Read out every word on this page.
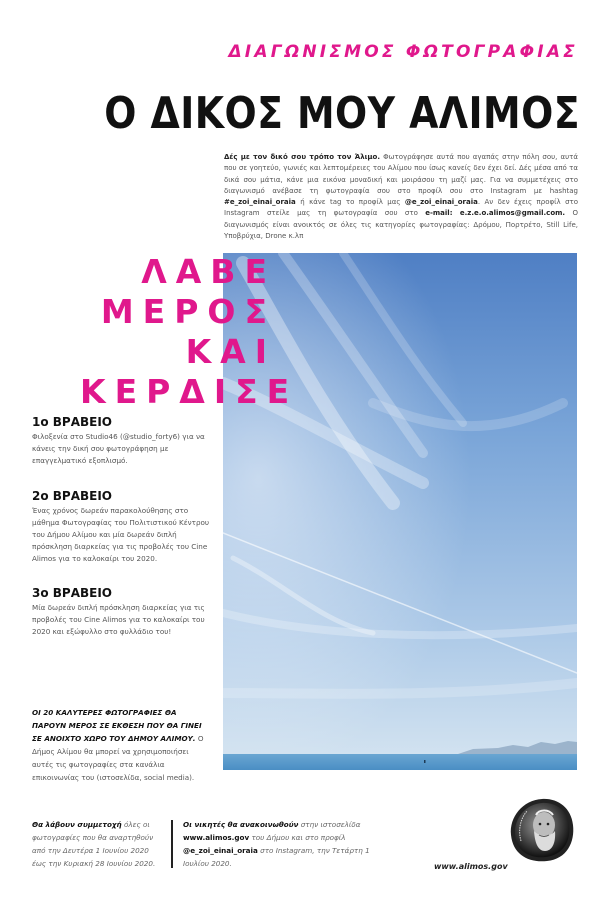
ΔΙΑΓΩΝΙΣΜΟΣ ΦΩΤΟΓΡΑΦΙΑΣ
Ο ΔΙΚΟΣ ΜΟΥ ΑΛΙΜΟΣ
Δές με τον δικό σου τρόπο τον Άλιμο. Φωτογράφησε αυτά που αγαπάς στην πόλη σου, αυτά που σε γοητεύο, γωνιές και λεπτομέρειες του Αλίμου που ίσως κανείς δεν έχει δεί. Δές μέσα από τα δικά σου μάτια, κάνε μια εικόνα μοναδική και μοιράσου τη μαζί μας. Για να συμμετέχεις στο διαγωνισμό ανέβασε τη φωτογραφία σου στο προφίλ σου στο Instagram με hashtag #e_zoi_einai_oraia ή κάνε tag το προφίλ μας @e_zoi_einai_oraia. Αν δεν έχεις προφίλ στο Instagram στείλε μας τη φωτογραφία σου στο e-mail: e.z.e.o.alimos@gmail.com. Ο διαγωνισμός είναι ανοικτός σε όλες τις κατηγορίες φωτογραφίας: Δρόμου, Πορτρέτο, Still Life, Υποβρύχια, Drone κ.λπ
ΛΑΒΕ
ΜΕΡΟΣ
ΚΑΙ
ΚΕΡΔΙΣΕ
1ο ΒΡΑΒΕΙΟ

Φιλοξενία στο Studio46 (@studio_forty6) για να κάνεις την δική σου φωτογράφηση με επαγγελματικό εξοπλισμό.

2ο ΒΡΑΒΕΙΟ

Ένας χρόνος δωρεάν παρακολούθησης στο μάθημα Φωτογραφίας του Πολιτιστικού Κέντρου του Δήμου Αλίμου και μία δωρεάν διπλή πρόσκληση διαρκείας για τις προβολές του Cine Alimos για το καλοκαίρι του 2020.

3ο ΒΡΑΒΕΙΟ

Μία δωρεάν διπλή πρόσκληση διαρκείας για τις προβολές του Cine Alimos για το καλοκαίρι του 2020 και εξώφυλλο στο φυλλάδιο του!

ΟΙ 20 ΚΑΛΥΤΕΡΕΣ ΦΩΤΟΓΡΑΦΙΕΣ ΘΑ ΠΑΡΟΥΝ ΜΕΡΟΣ ΣΕ ΕΚΘΕΣΗ ΠΟΥ ΘΑ ΓΙΝΕΙ ΣΕ ΑΝΟΙΧΤΟ ΧΩΡΟ ΤΟΥ ΔΗΜΟΥ ΑΛΙΜΟΥ. Ο Δήμος Αλίμου θα μπορεί να χρησιμοποιήσει αυτές τις φωτογραφίες στα κανάλια επικοινωνίας του (ιστοσελίδα, social media).
Θα λάβουν συμμετοχή όλες οι φωτογραφίες που θα αναρτηθούν από την Δευτέρα 1 Ιουνίου 2020 έως την Κυριακή 28 Ιουνίου 2020.
Οι νικητές θα ανακοινωθούν στην ιστοσελίδα www.alimos.gov του Δήμου και στο προφίλ @e_zoi_einai_oraia στο Instagram, την Τετάρτη 1 Ιουλίου 2020.	www.alimos.gov
